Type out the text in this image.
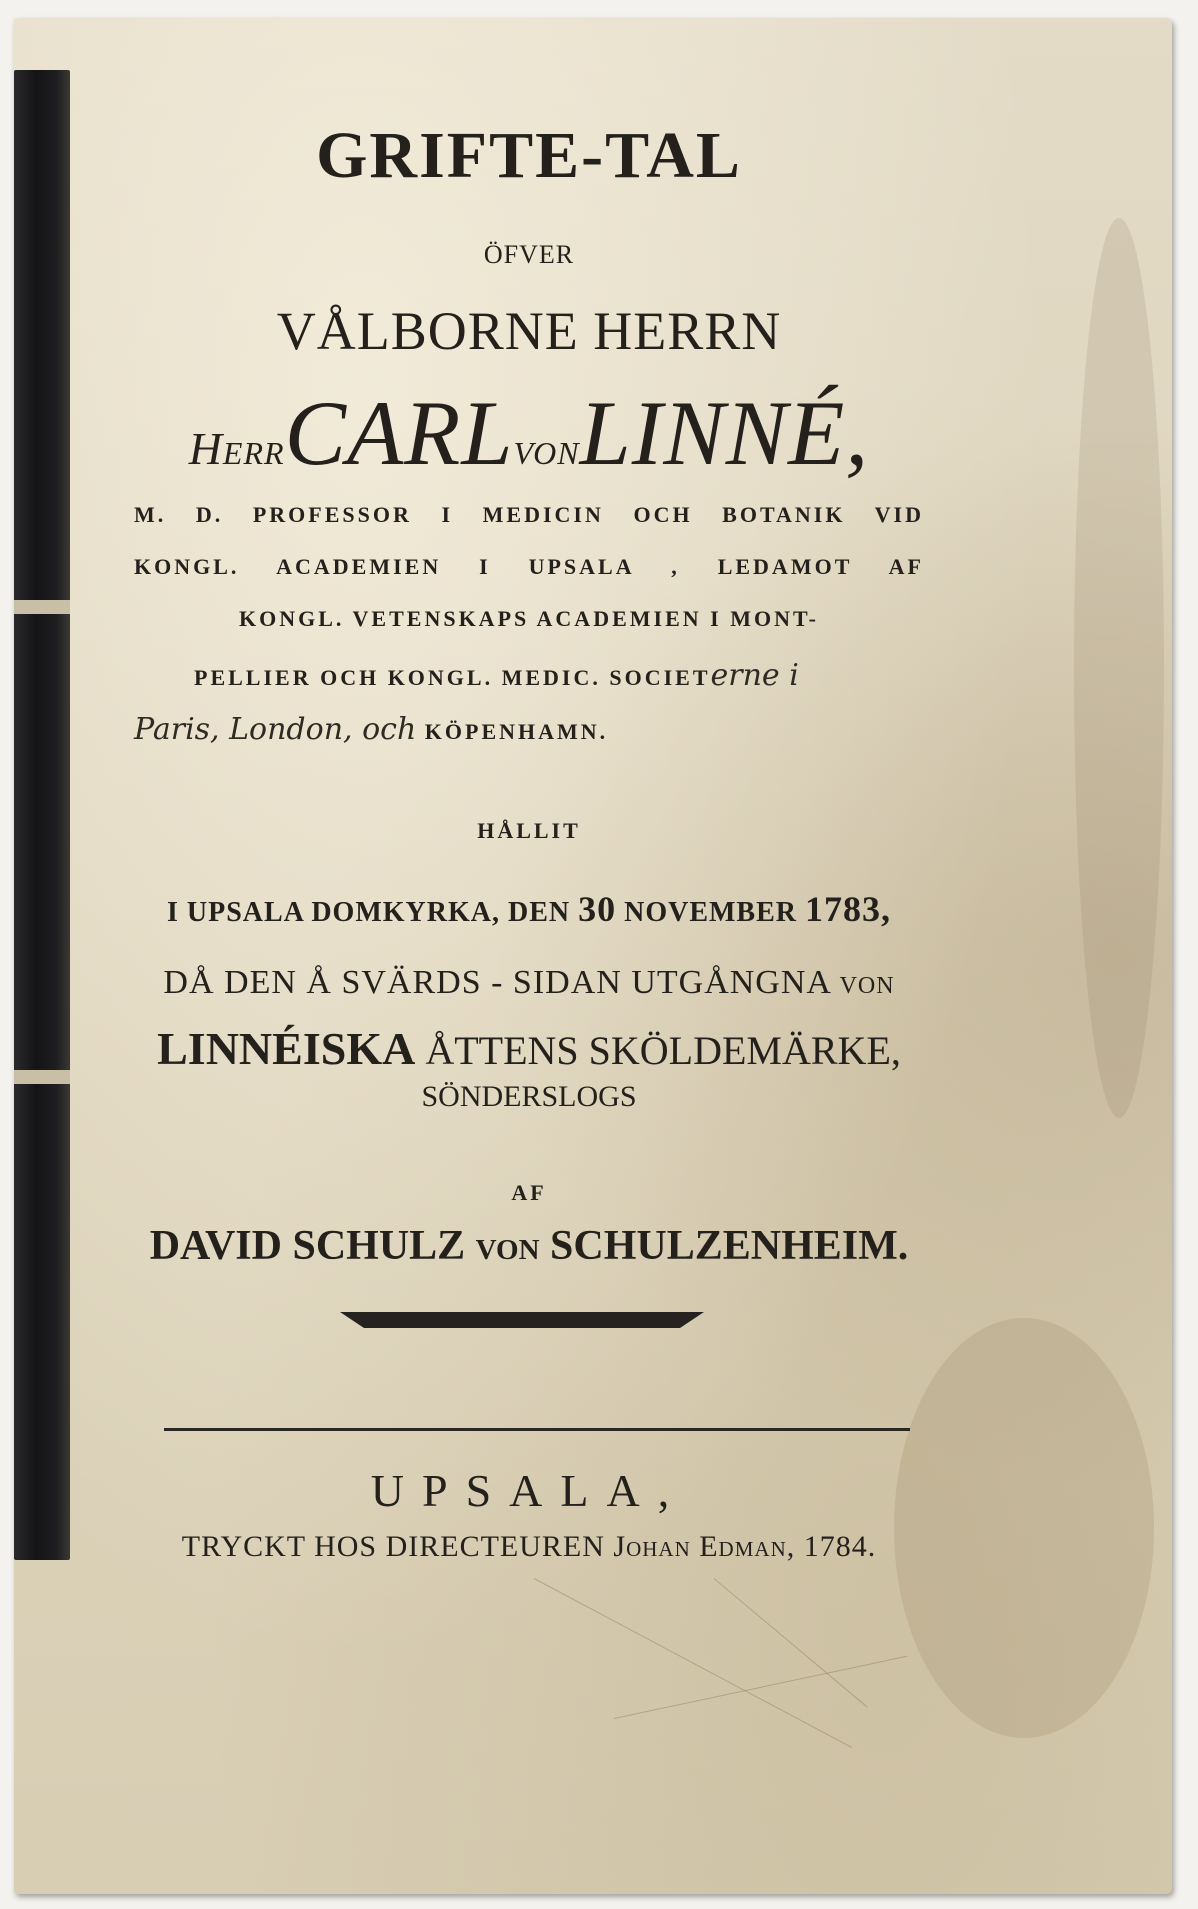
GRIFTE-TAL
ÖFVER
VÅLBORNE HERRN
HerrCARLvonLINNÉ,
M. D. PROFESSOR I MEDICIN OCH BOTANIK VID
KONGL. ACADEMIEN I UPSALA , LEDAMOT AF
KONGL. VETENSKAPS ACADEMIEN I MONT-
PELLIER OCH KONGL. MEDIC. SOCIETerne i
Paris, London, och KÖPENHAMN.
HÅLLIT
I UPSALA DOMKYRKA, DEN 30 NOVEMBER 1783,
DÅ DEN Å SVÄRDS - SIDAN UTGÅNGNA von
LINNÉISKA ÅTTENS SKÖLDEMÄRKE,
SÖNDERSLOGS
AF
DAVID SCHULZ von SCHULZENHEIM.
UPSALA,
TRYCKT HOS DIRECTEUREN Johan Edman, 1784.
